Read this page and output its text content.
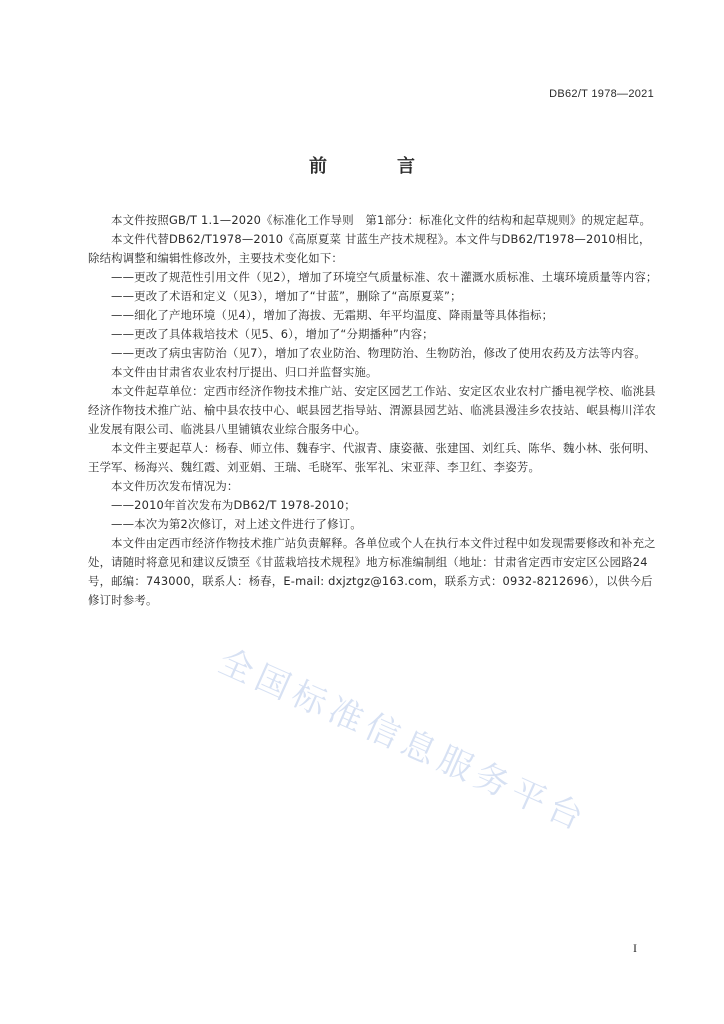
DB62/T 1978—2021
前　言

本文件按照GB/T 1.1—2020《标准化工作导则　第1部分：标准化文件的结构和起草规则》的规定起草。

本文件代替DB62/T1978—2010《高原夏菜 甘蓝生产技术规程》。本文件与DB62/T1978—2010相比，除结构调整和编辑性修改外，主要技术变化如下：

——更改了规范性引用文件（见2），增加了环境空气质量标准、农＋灌溉水质标准、土壤环境质量等内容；
——更改了术语和定义（见3），增加了“甘蓝”，删除了“高原夏菜”；
——细化了产地环境（见4），增加了海拔、无霜期、年平均温度、降雨量等具体指标；
——更改了具体栽培技术（见5、6），增加了“分期播种”内容；
——更改了病虫害防治（见7），增加了农业防治、物理防治、生物防治，修改了使用农药及方法等内容。

本文件由甘肃省农业农村厅提出、归口并监督实施。

本文件起草单位：定西市经济作物技术推广站、安定区园艺工作站、安定区农业农村广播电视学校、临洮县经济作物技术推广站、榆中县农技中心、岷县园艺指导站、渭源县园艺站、临洮县漫洼乡农技站、岷县梅川洋农业发展有限公司、临洮县八里铺镇农业综合服务中心。

本文件主要起草人：杨春、师立伟、魏春宇、代淑青、康姿薇、张建国、刘红兵、陈华、魏小林、张何明、王学军、杨海兴、魏红霞、刘亚娟、王瑞、毛晓军、张军礼、宋亚萍、李卫红、李姿芳。

本文件历次发布情况为：

——2010年首次发布为DB62/T 1978-2010；
——本次为第2次修订，对上述文件进行了修订。

本文件由定西市经济作物技术推广站负责解释。各单位或个人在执行本文件过程中如发现需要修改和补充之处，请随时将意见和建议反馈至《甘蓝栽培技术规程》地方标准编制组（地址：甘肃省定西市安定区公园路24号，邮编：743000，联系人：杨春，E-mail: dxjztgz@163.com，联系方式：0932-8212696），以供今后修订时参考。

全国标准信息服务平台
I
